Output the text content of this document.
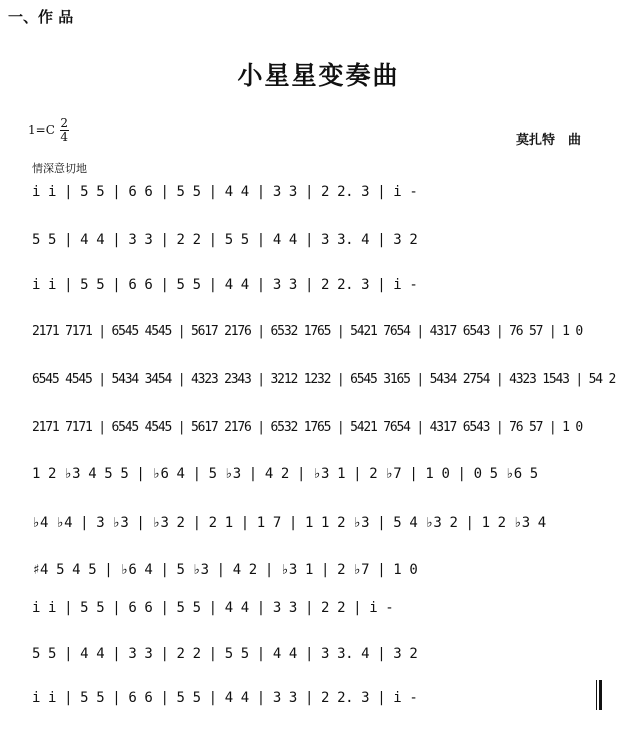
一、作 品
小星星变奏曲
$1=C \frac{2}{4}$	莫扎特　曲
情深意切地
i i | 5 5 | 6 6 | 5 5 | 4 4 | 3 3 | 2 2. 3 | i -
5 5 | 4 4 | 3 3 | 2 2 | 5 5 | 4 4 | 3 3. 4 | 3 2
i i | 5 5 | 6 6 | 5 5 | 4 4 | 3 3 | 2 2. 3 | i -
2171 7171 | 6545 4545 | 5617 2176 | 6532 1765 | 5421 7654 | 4317 6543 | 76 57 | 1 0
6545 4545 | 5434 3454 | 4323 2343 | 3212 1232 | 6545 3165 | 5434 2754 | 4323 1543 | 54 2
2171 7171 | 6545 4545 | 5617 2176 | 6532 1765 | 5421 7654 | 4317 6543 | 76 57 | 1 0
1 2 ♭3 4 5 5 | ♭6 4 | 5 ♭3 | 4 2 | ♭3 1 | 2 ♭7 | 1 0 | 0 5 ♭6 5
♭4 ♭4 | 3 ♭3 | ♭3 2 | 2 1 | 1 7 | 1 1 2 ♭3 | 5 4 ♭3 2 | 1 2 ♭3 4
♯4 5 4 5 | ♭6 4 | 5 ♭3 | 4 2 | ♭3 1 | 2 ♭7 | 1 0
i i | 5 5 | 6 6 | 5 5 | 4 4 | 3 3 | 2 2 | i -
5 5 | 4 4 | 3 3 | 2 2 | 5 5 | 4 4 | 3 3. 4 | 3 2
i i | 5 5 | 6 6 | 5 5 | 4 4 | 3 3 | 2 2. 3 | i -
